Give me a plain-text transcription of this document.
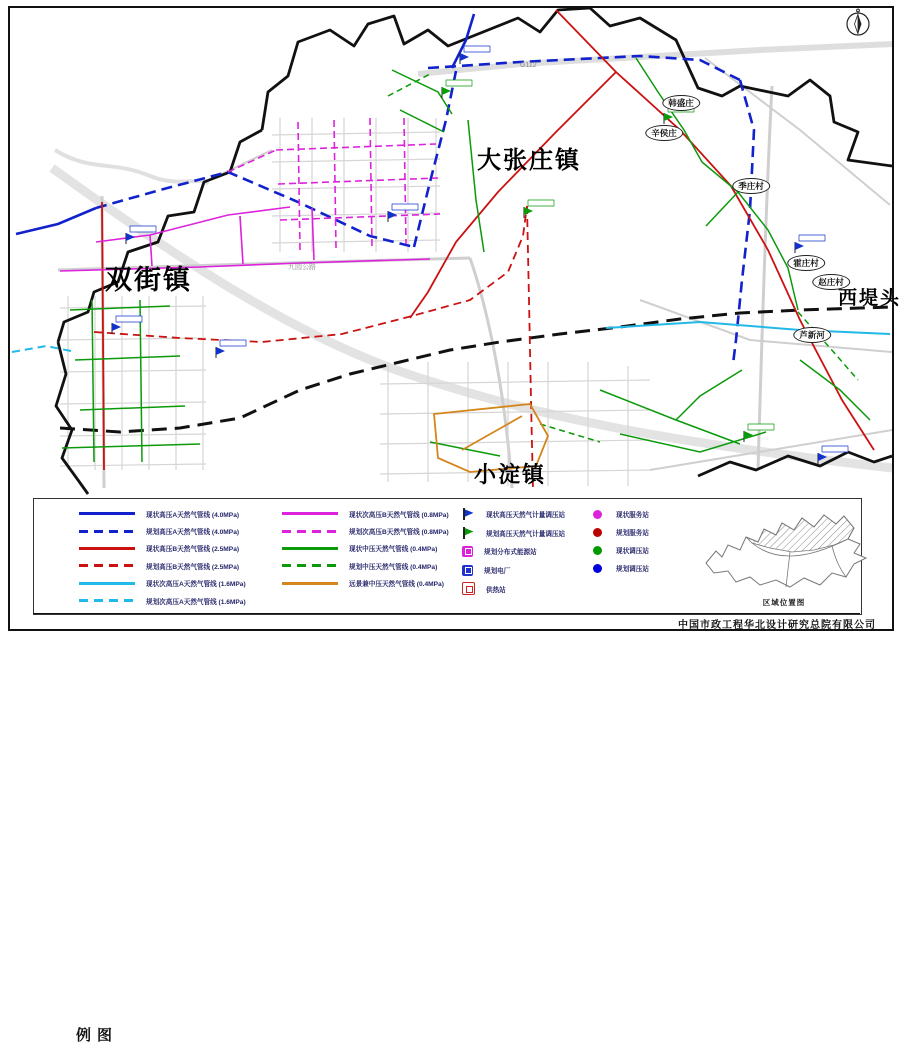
双街镇
大张庄镇
小淀镇
西堤头
韩盛庄
辛侯庄
季庄村
霍庄村
赵庄村
芦新河
九园公路
G112
图例
现状高压A天然气管线 (4.0MPa)
规划高压A天然气管线 (4.0MPa)
现状高压B天然气管线 (2.5MPa)
规划高压B天然气管线 (2.5MPa)
现状次高压A天然气管线 (1.6MPa)
规划次高压A天然气管线 (1.6MPa)
现状次高压B天然气管线 (0.8MPa)
规划次高压B天然气管线 (0.8MPa)
现状中压天然气管线 (0.4MPa)
规划中压天然气管线 (0.4MPa)
远景兼中压天然气管线 (0.4MPa)
现状高压天然气计量调压站
规划高压天然气计量调压站
规划分布式能源站
规划电厂
供热站
现状服务站
规划服务站
现状调压站
规划调压站
区域位置图
中国市政工程华北设计研究总院有限公司
